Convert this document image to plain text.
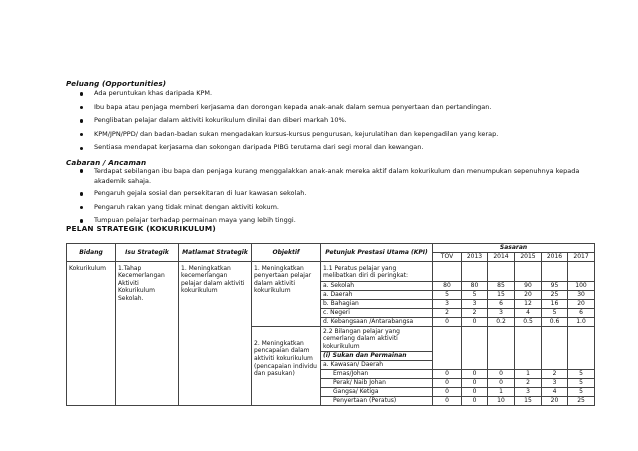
Peluang (Opportunities)
Ada peruntukan khas daripada KPM.
Ibu bapa atau penjaga memberi kerjasama dan dorongan kepada anak-anak dalam semua penyertaan dan pertandingan.
Penglibatan pelajar dalam aktiviti kokurikulum dinilai dan diberi markah 10%.
KPM/JPN/PPD/ dan badan-badan sukan mengadakan kursus-kursus pengurusan, kejurulatihan dan kepengadilan yang kerap.
Sentiasa mendapat kerjasama dan sokongan daripada PIBG terutama dari segi moral dan kewangan.
Cabaran / Ancaman
Terdapat sebilangan ibu bapa dan penjaga kurang menggalakkan anak-anak mereka aktif dalam kokurikulum dan menumpukan sepenuhnya kepada akademik sahaja.
Pengaruh gejala sosial dan persekitaran di luar kawasan sekolah.
Pengaruh rakan yang tidak minat dengan aktiviti kokum.
Tumpuan pelajar terhadap permainan maya yang lebih tinggi.
PELAN STRATEGIK (KOKURIKULUM)
Bidang	Isu Strategik	Matlamat Strategik	Objektif	Petunjuk Prestasi Utama (KPI)	Sasaran					
					TOV	2013	2014	2015	2016	2017
Kokurikulum	1.Tahap Kecemerlangan Aktiviti Kokurikulum Sekolah.	1. Meningkatkan kecemerlangan pelajar dalam aktiviti kokurikulum	1. Meningkatkan penyertaan pelajar dalam aktiviti kokurikulum	1.1 Peratus pelajar yang melibatkan diri di peringkat:						
				a. Sekolah	80	80	85	90	95	100
				a. Daerah	5	5	15	20	25	30
				b. Bahagian	3	3	6	12	16	20
				c. Negeri	2	2	3	4	5	6
				d. Kebangsaan /Antarabangsa	0	0	0.2	0.5	0.6	1.0
			2. Meningkatkan pencapaian dalam aktiviti kokurikulum (pencapaian individu dan pasukan)	2.2 Bilangan pelajar yang cemerlang dalam aktiviti kokurikulum						
				(i) Sukan dan Permainan						
				a. Kawasan/ Daerah						

				Emas/Johan	0	0	0	1	2	5

				Perak/ Naib Johan	0	0	0	2	3	5

				Gangsa/ Ketiga	0	0	1	3	4	5

				Penyertaan (Peratus)	0	0	10	15	20	25
